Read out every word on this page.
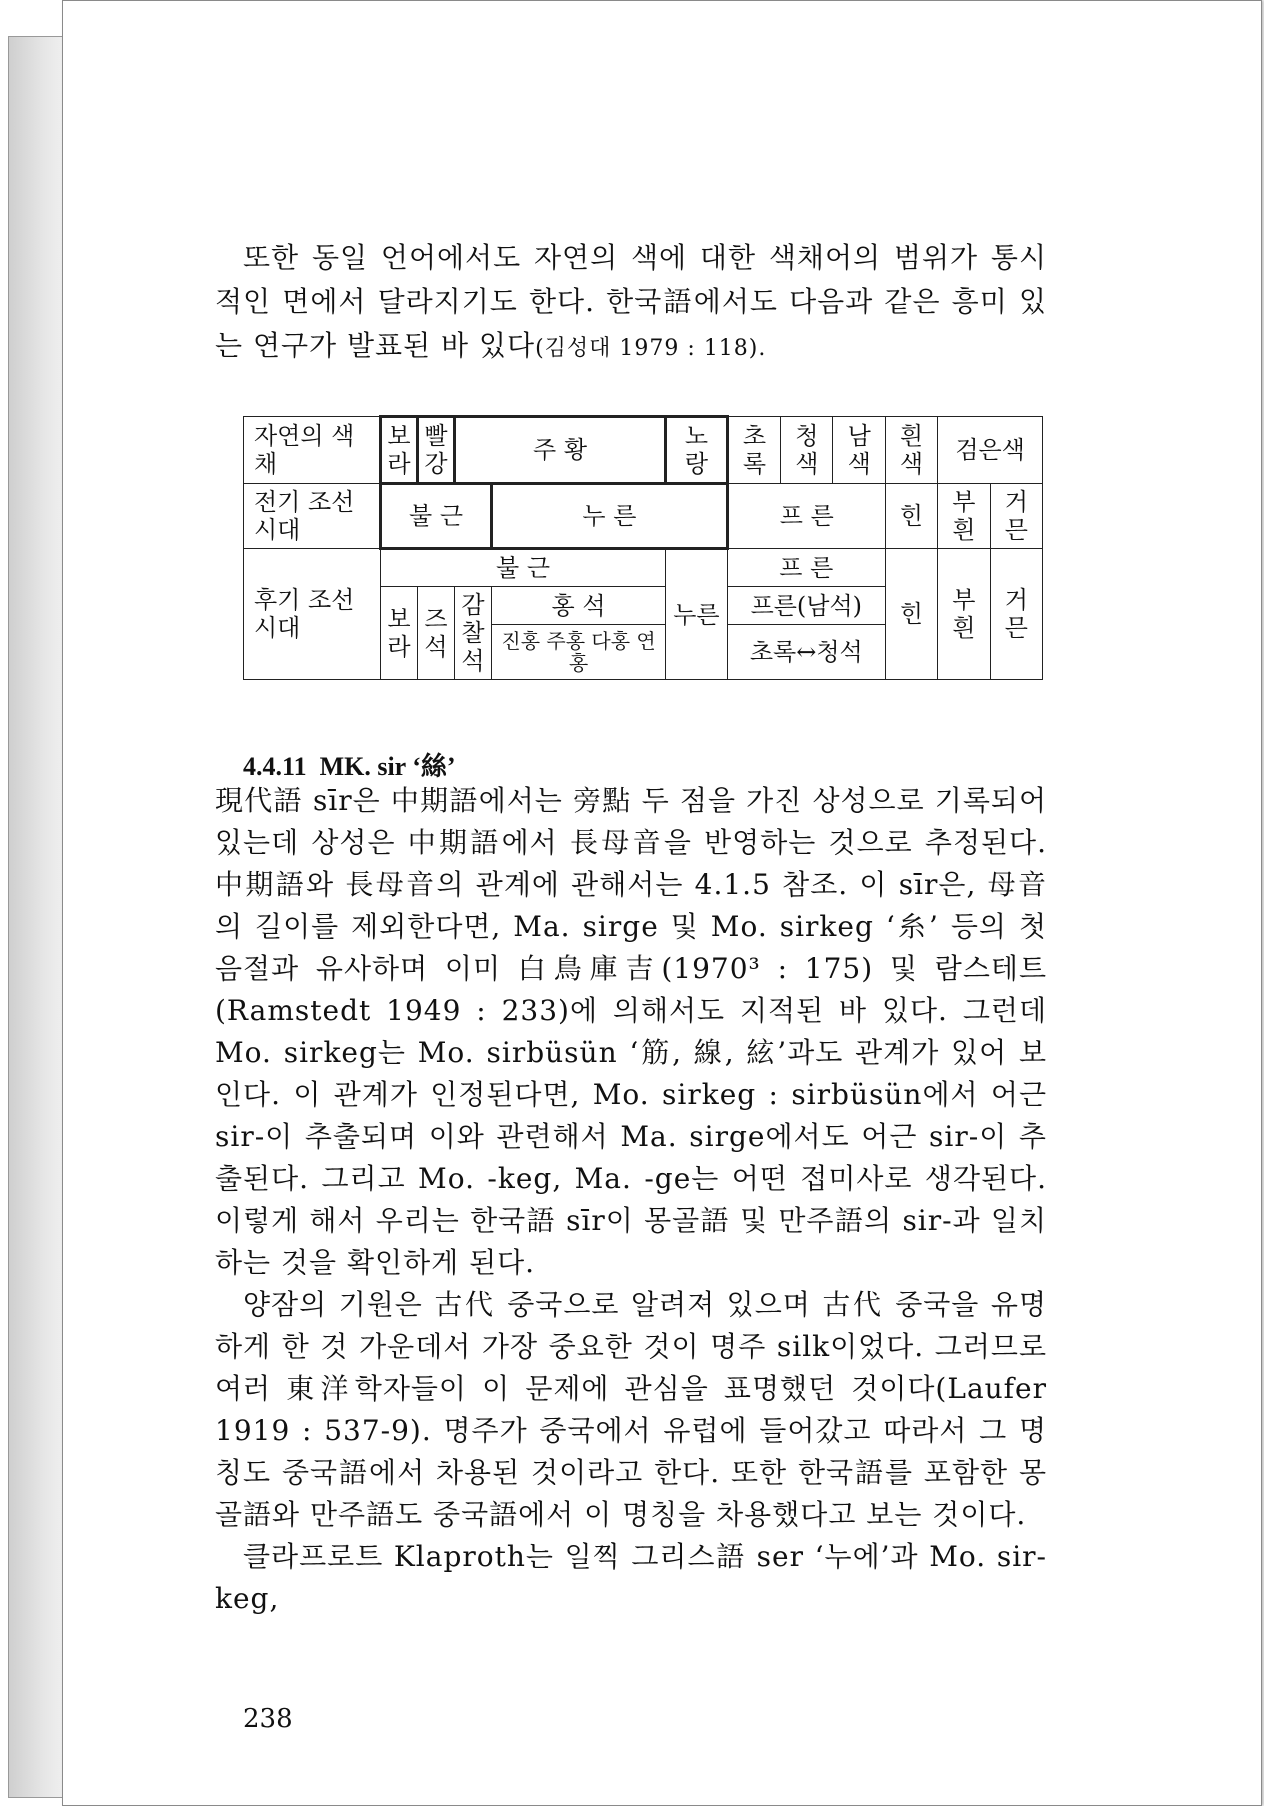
또한 동일 언어에서도 자연의 색에 대한 색채어의 범위가 통시적인 면에서 달라지기도 한다. 한국語에서도 다음과 같은 흥미 있는 연구가 발표된 바 있다(김성대 1979 : 118).

자연의 색채	보 라	빨 강	주 황		노 랑	초록	청색	남색	흰색	검은색	
전기 조선 시대	불 근			누 른		프 른			힌	부흰	거믄
후기 조선 시대	불 근				누른	프 른			힌	부흰	거믄
	보라	즈석	감찰석	홍 석		프른(남석)					
				진홍 주홍 다홍 연홍		초록↔청석					
4.4.11 MK. sir ‘絲’

現代語 sīr은 中期語에서는 旁點 두 점을 가진 상성으로 기록되어 있는데 상성은 中期語에서 長母音을 반영하는 것으로 추정된다. 中期語와 長母音의 관계에 관해서는 4.1.5 참조. 이 sīr은, 母音의 길이를 제외한다면, Ma. sirge 및 Mo. sirkeg ‘糸’ 등의 첫 음절과 유사하며 이미 白鳥庫吉(1970³ : 175) 및 람스테트(Ramstedt 1949 : 233)에 의해서도 지적된 바 있다. 그런데 Mo. sirkeg는 Mo. sirbüsün ‘筋, 線, 絃’과도 관계가 있어 보인다. 이 관계가 인정된다면, Mo. sirkeg : sirbüsün에서 어근 sir-이 추출되며 이와 관련해서 Ma. sirge에서도 어근 sir-이 추출된다. 그리고 Mo. -keg, Ma. -ge는 어떤 접미사로 생각된다. 이렇게 해서 우리는 한국語 sīr이 몽골語 및 만주語의 sir-과 일치하는 것을 확인하게 된다.

양잠의 기원은 古代 중국으로 알려져 있으며 古代 중국을 유명하게 한 것 가운데서 가장 중요한 것이 명주 silk이었다. 그러므로 여러 東洋학자들이 이 문제에 관심을 표명했던 것이다(Laufer 1919 : 537-9). 명주가 중국에서 유럽에 들어갔고 따라서 그 명칭도 중국語에서 차용된 것이라고 한다. 또한 한국語를 포함한 몽골語와 만주語도 중국語에서 이 명칭을 차용했다고 보는 것이다.

클라프로트 Klaproth는 일찍 그리스語 ser ‘누에’과 Mo. sir-keg,

238
